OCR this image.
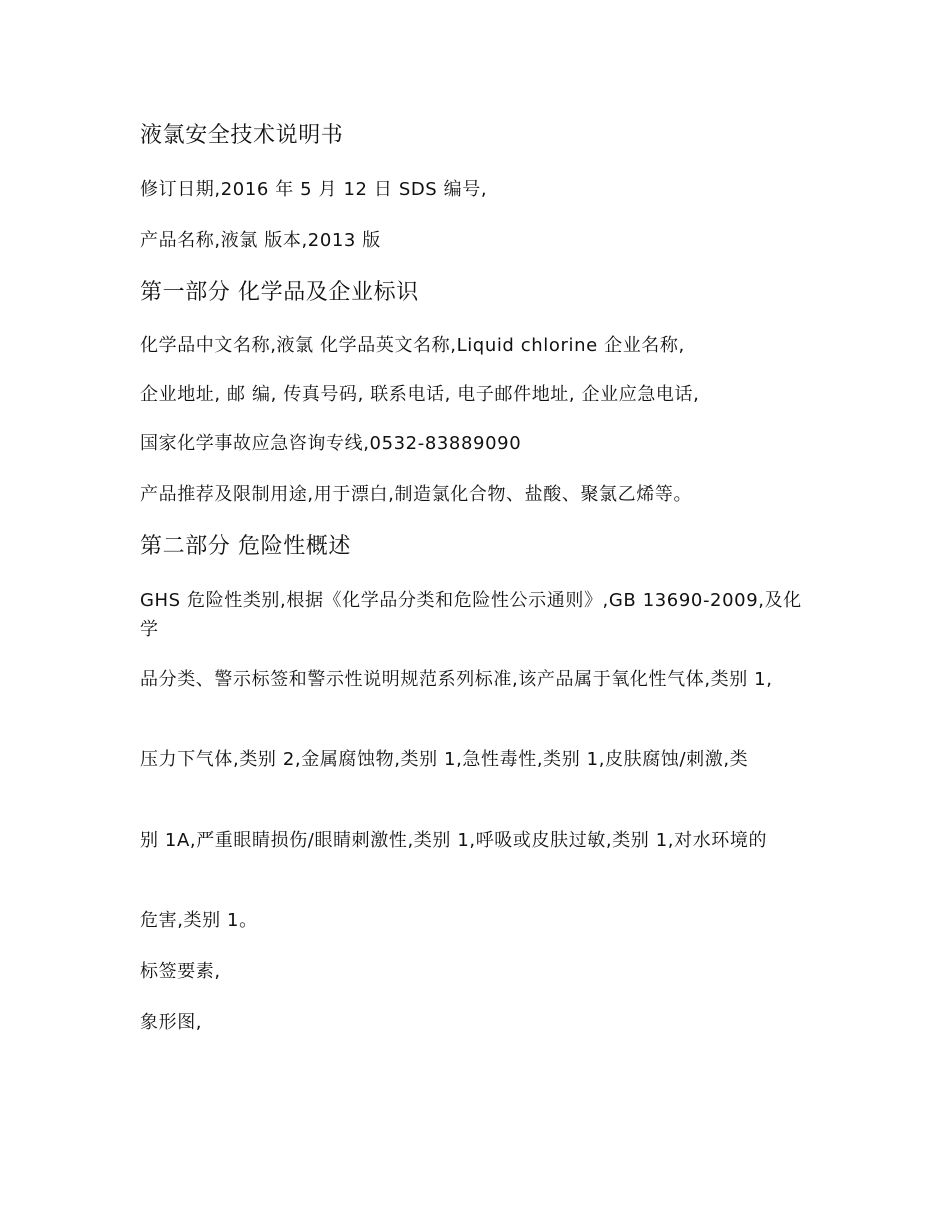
液氯安全技术说明书
修订日期,2016 年 5 月 12 日 SDS 编号,
产品名称,液氯 版本,2013 版
第一部分 化学品及企业标识
化学品中文名称,液氯 化学品英文名称,Liquid chlorine 企业名称,
企业地址, 邮 编, 传真号码, 联系电话, 电子邮件地址, 企业应急电话,
国家化学事故应急咨询专线,0532-83889090
产品推荐及限制用途,用于漂白,制造氯化合物、盐酸、聚氯乙烯等。
第二部分 危险性概述
GHS 危险性类别,根据《化学品分类和危险性公示通则》,GB 13690-2009,及化学
品分类、警示标签和警示性说明规范系列标准,该产品属于氧化性气体,类别 1,
压力下气体,类别 2,金属腐蚀物,类别 1,急性毒性,类别 1,皮肤腐蚀/刺激,类
别 1A,严重眼睛损伤/眼睛刺激性,类别 1,呼吸或皮肤过敏,类别 1,对水环境的
危害,类别 1。
标签要素,
象形图,
